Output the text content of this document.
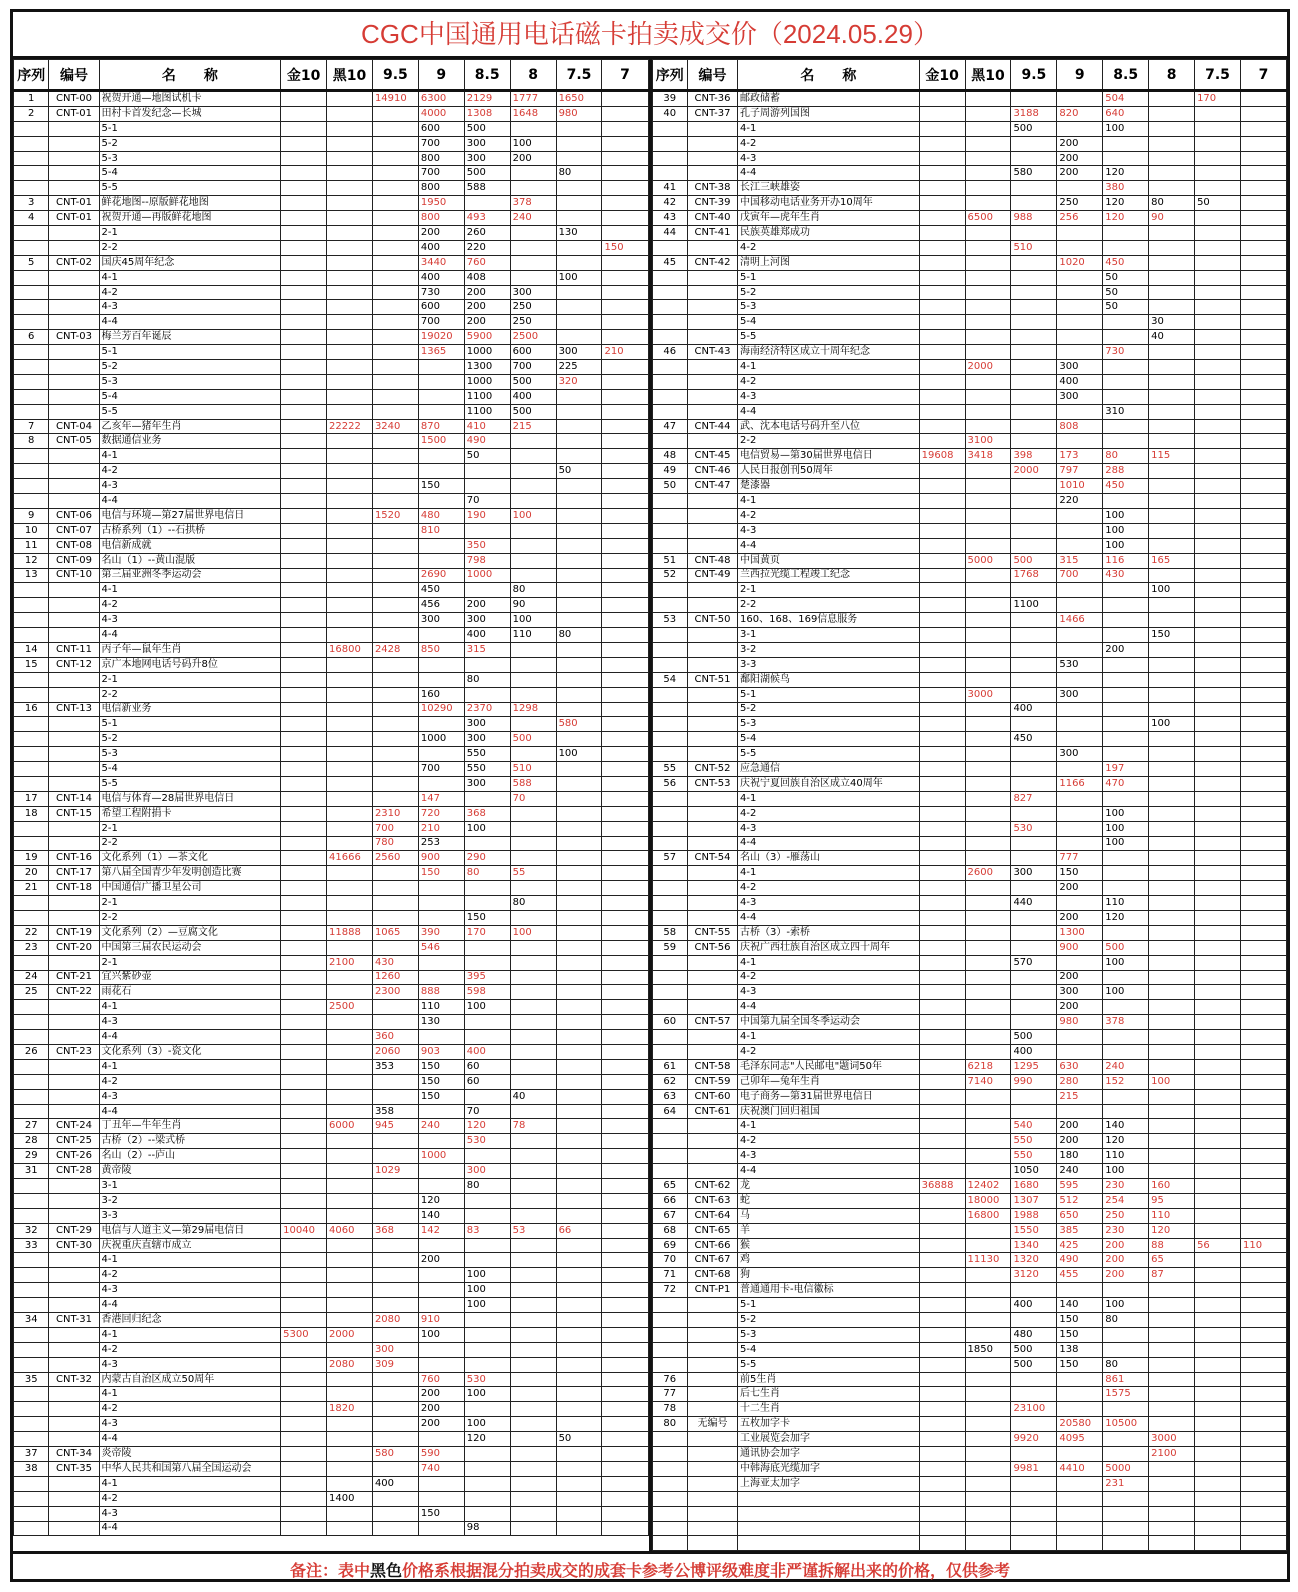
CGC中国通用电话磁卡拍卖成交价（2024.05.29）
序列	编号	名　　称	金10	黑10	9.5	9	8.5	8	7.5	7
1	CNT-00	祝贺开通—地图试机卡			14910	6300	2129	1777	1650	
2	CNT-01	田村卡首发纪念—长城				4000	1308	1648	980	
		5-1				600	500			
		5-2				700	300	100		
		5-3				800	300	200		
		5-4				700	500		80	
		5-5				800	588			
3	CNT-01	鲜花地图--原版鲜花地图				1950		378		
4	CNT-01	祝贺开通—再版鲜花地图				800	493	240		
		2-1				200	260		130	
		2-2				400	220			150
5	CNT-02	国庆45周年纪念				3440	760			
		4-1				400	408		100	
		4-2				730	200	300		
		4-3				600	200	250		
		4-4				700	200	250		
6	CNT-03	梅兰芳百年诞辰				19020	5900	2500		
		5-1				1365	1000	600	300	210
		5-2					1300	700	225	
		5-3					1000	500	320	
		5-4					1100	400		
		5-5					1100	500		
7	CNT-04	乙亥年—猪年生肖		22222	3240	870	410	215		
8	CNT-05	数据通信业务				1500	490			
		4-1					50			
		4-2							50	
		4-3				150				
		4-4					70			
9	CNT-06	电信与环境—第27届世界电信日			1520	480	190	100		
10	CNT-07	古桥系列（1）--石拱桥				810				
11	CNT-08	电信新成就					350			
12	CNT-09	名山（1）--黄山混版					798			
13	CNT-10	第三届亚洲冬季运动会				2690	1000			
		4-1				450		80		
		4-2				456	200	90		
		4-3				300	300	100		
		4-4					400	110	80	
14	CNT-11	丙子年—鼠年生肖		16800	2428	850	315			
15	CNT-12	京广本地网电话号码升8位								
		2-1					80			
		2-2				160				
16	CNT-13	电信新业务				10290	2370	1298		
		5-1					300		580	
		5-2				1000	300	500		
		5-3					550		100	
		5-4				700	550	510		
		5-5					300	588		
17	CNT-14	电信与体育—28届世界电信日				147		70		
18	CNT-15	希望工程附捐卡			2310	720	368			
		2-1			700	210	100			
		2-2			780	253				
19	CNT-16	文化系列（1）—茶文化		41666	2560	900	290			
20	CNT-17	第八届全国青少年发明创造比赛				150	80	55		
21	CNT-18	中国通信广播卫星公司								
		2-1						80		
		2-2					150			
22	CNT-19	文化系列（2）—豆腐文化		11888	1065	390	170	100		
23	CNT-20	中国第三届农民运动会				546				
		2-1		2100	430					
24	CNT-21	宜兴紫砂壶			1260		395			
25	CNT-22	雨花石			2300	888	598			
		4-1		2500		110	100			
		4-3				130				
		4-4			360					
26	CNT-23	文化系列（3）-瓷文化			2060	903	400			
		4-1			353	150	60			
		4-2				150	60			
		4-3				150		40		
		4-4			358		70			
27	CNT-24	丁丑年—牛年生肖		6000	945	240	120	78		
28	CNT-25	古桥（2）--梁式桥					530			
29	CNT-26	名山（2）--庐山				1000				
31	CNT-28	黄帝陵			1029		300			
		3-1					80			
		3-2				120				
		3-3				140				
32	CNT-29	电信与人道主义—第29届电信日	10040	4060	368	142	83	53	66	
33	CNT-30	庆祝重庆直辖市成立								
		4-1				200				
		4-2					100			
		4-3					100			
		4-4					100			
34	CNT-31	香港回归纪念			2080	910				
		4-1	5300	2000		100				
		4-2			300					
		4-3		2080	309					
35	CNT-32	内蒙古自治区成立50周年				760	530			
		4-1				200	100			
		4-2		1820		200				
		4-3				200	100			
		4-4					120		50	
37	CNT-34	炎帝陵			580	590				
38	CNT-35	中华人民共和国第八届全国运动会				740				
		4-1			400					
		4-2		1400						
		4-3				150				
		4-4					98			
序列	编号	名　　称	金10	黑10	9.5	9	8.5	8	7.5	7
39	CNT-36	邮政储蓄					504		170	
40	CNT-37	孔子周游列国图			3188	820	640			
		4-1			500		100			
		4-2				200				
		4-3				200				
		4-4			580	200	120			
41	CNT-38	长江三峡雄姿					380			
42	CNT-39	中国移动电话业务开办10周年				250	120	80	50	
43	CNT-40	戊寅年—虎年生肖		6500	988	256	120	90		
44	CNT-41	民族英雄郑成功								
		4-2			510					
45	CNT-42	清明上河图				1020	450			
		5-1					50			
		5-2					50			
		5-3					50			
		5-4						30		
		5-5						40		
46	CNT-43	海南经济特区成立十周年纪念					730			
		4-1		2000		300				
		4-2				400				
		4-3				300				
		4-4					310			
47	CNT-44	武、沈本电话号码升至八位				808				
		2-2		3100						
48	CNT-45	电信贸易—第30届世界电信日	19608	3418	398	173	80	115		
49	CNT-46	人民日报创刊50周年			2000	797	288			
50	CNT-47	楚漆器				1010	450			
		4-1				220				
		4-2					100			
		4-3					100			
		4-4					100			
51	CNT-48	中国黄页		5000	500	315	116	165		
52	CNT-49	兰西拉光缆工程竣工纪念			1768	700	430			
		2-1						100		
		2-2			1100					
53	CNT-50	160、168、169信息服务				1466				
		3-1						150		
		3-2					200			
		3-3				530				
54	CNT-51	鄱阳湖候鸟								
		5-1		3000		300				
		5-2			400					
		5-3						100		
		5-4			450					
		5-5				300				
55	CNT-52	应急通信					197			
56	CNT-53	庆祝宁夏回族自治区成立40周年				1166	470			
		4-1			827					
		4-2					100			
		4-3			530		100			
		4-4					100			
57	CNT-54	名山（3）-雁荡山				777				
		4-1		2600	300	150				
		4-2				200				
		4-3			440		110			
		4-4				200	120			
58	CNT-55	古桥（3）-索桥				1300				
59	CNT-56	庆祝广西壮族自治区成立四十周年				900	500			
		4-1			570		100			
		4-2				200				
		4-3				300	100			
		4-4				200				
60	CNT-57	中国第九届全国冬季运动会				980	378			
		4-1			500					
		4-2			400					
61	CNT-58	毛泽东同志"人民邮电"题词50年		6218	1295	630	240			
62	CNT-59	己卯年—兔年生肖		7140	990	280	152	100		
63	CNT-60	电子商务—第31届世界电信日				215				
64	CNT-61	庆祝澳门回归祖国								
		4-1			540	200	140			
		4-2			550	200	120			
		4-3			550	180	110			
		4-4			1050	240	100			
65	CNT-62	龙	36888	12402	1680	595	230	160		
66	CNT-63	蛇		18000	1307	512	254	95		
67	CNT-64	马		16800	1988	650	250	110		
68	CNT-65	羊			1550	385	230	120		
69	CNT-66	猴			1340	425	200	88	56	110
70	CNT-67	鸡		11130	1320	490	200	65		
71	CNT-68	狗			3120	455	200	87		
72	CNT-P1	普通通用卡-电信徽标								
		5-1			400	140	100			
		5-2				150	80			
		5-3			480	150				
		5-4		1850	500	138				
		5-5			500	150	80			
76		前5生肖					861			
77		后七生肖					1575			
78		十二生肖			23100					
80	无编号	五枚加字卡				20580	10500			
		工业展览会加字			9920	4095		3000		
		通讯协会加字						2100		
		中韩海底光缆加字			9981	4410	5000			
		上海亚太加字					231			

备注：表中黑色价格系根据混分拍卖成交的成套卡参考公博评级难度非严谨拆解出来的价格，仅供参考
